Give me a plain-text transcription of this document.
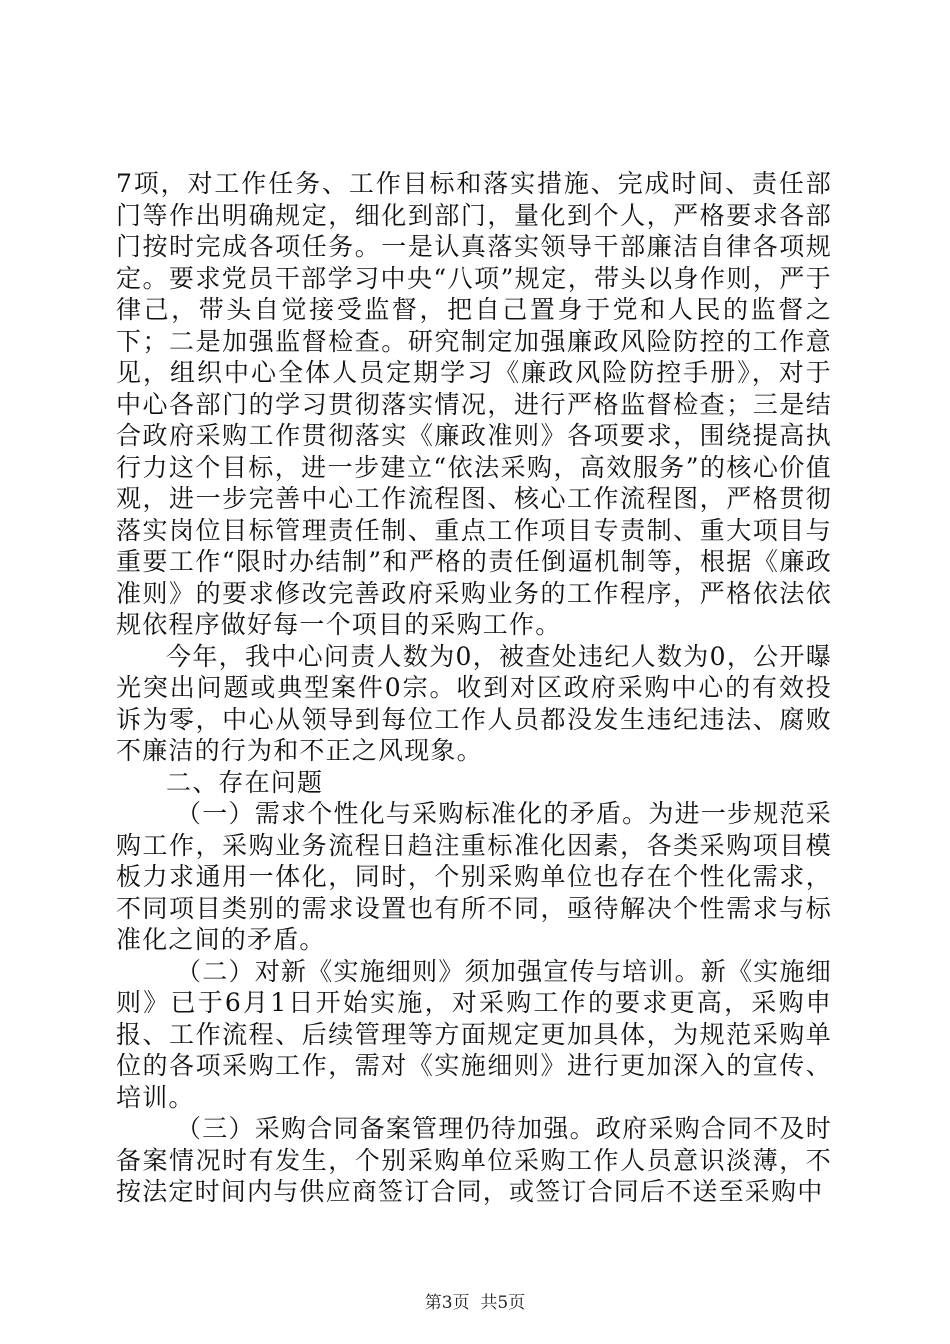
7项，对工作任务、工作目标和落实措施、完成时间、责任部门等作出明确规定，细化到部门，量化到个人，严格要求各部门按时完成各项任务。一是认真落实领导干部廉洁自律各项规定。要求党员干部学习中央“八项”规定，带头以身作则，严于律己，带头自觉接受监督，把自己置身于党和人民的监督之下；二是加强监督检查。研究制定加强廉政风险防控的工作意见，组织中心全体人员定期学习《廉政风险防控手册》，对于中心各部门的学习贯彻落实情况，进行严格监督检查；三是结合政府采购工作贯彻落实《廉政准则》各项要求，围绕提高执行力这个目标，进一步建立“依法采购，高效服务”的核心价值观，进一步完善中心工作流程图、核心工作流程图，严格贯彻落实岗位目标管理责任制、重点工作项目专责制、重大项目与重要工作“限时办结制”和严格的责任倒逼机制等，根据《廉政准则》的要求修改完善政府采购业务的工作程序，严格依法依规依程序做好每一个项目的采购工作。

今年，我中心问责人数为0，被查处违纪人数为0，公开曝光突出问题或典型案件0宗。收到对区政府采购中心的有效投诉为零，中心从领导到每位工作人员都没发生违纪违法、腐败不廉洁的行为和不正之风现象。

二、存在问题

（一）需求个性化与采购标准化的矛盾。为进一步规范采购工作，采购业务流程日趋注重标准化因素，各类采购项目模板力求通用一体化，同时，个别采购单位也存在个性化需求，不同项目类别的需求设置也有所不同，亟待解决个性需求与标准化之间的矛盾。

（二）对新《实施细则》须加强宣传与培训。新《实施细则》已于6月1日开始实施，对采购工作的要求更高，采购申报、工作流程、后续管理等方面规定更加具体，为规范采购单位的各项采购工作，需对《实施细则》进行更加深入的宣传、培训。

（三）采购合同备案管理仍待加强。政府采购合同不及时备案情况时有发生，个别采购单位采购工作人员意识淡薄，不按法定时间内与供应商签订合同，或签订合同后不送至采购中

第3页 共5页
